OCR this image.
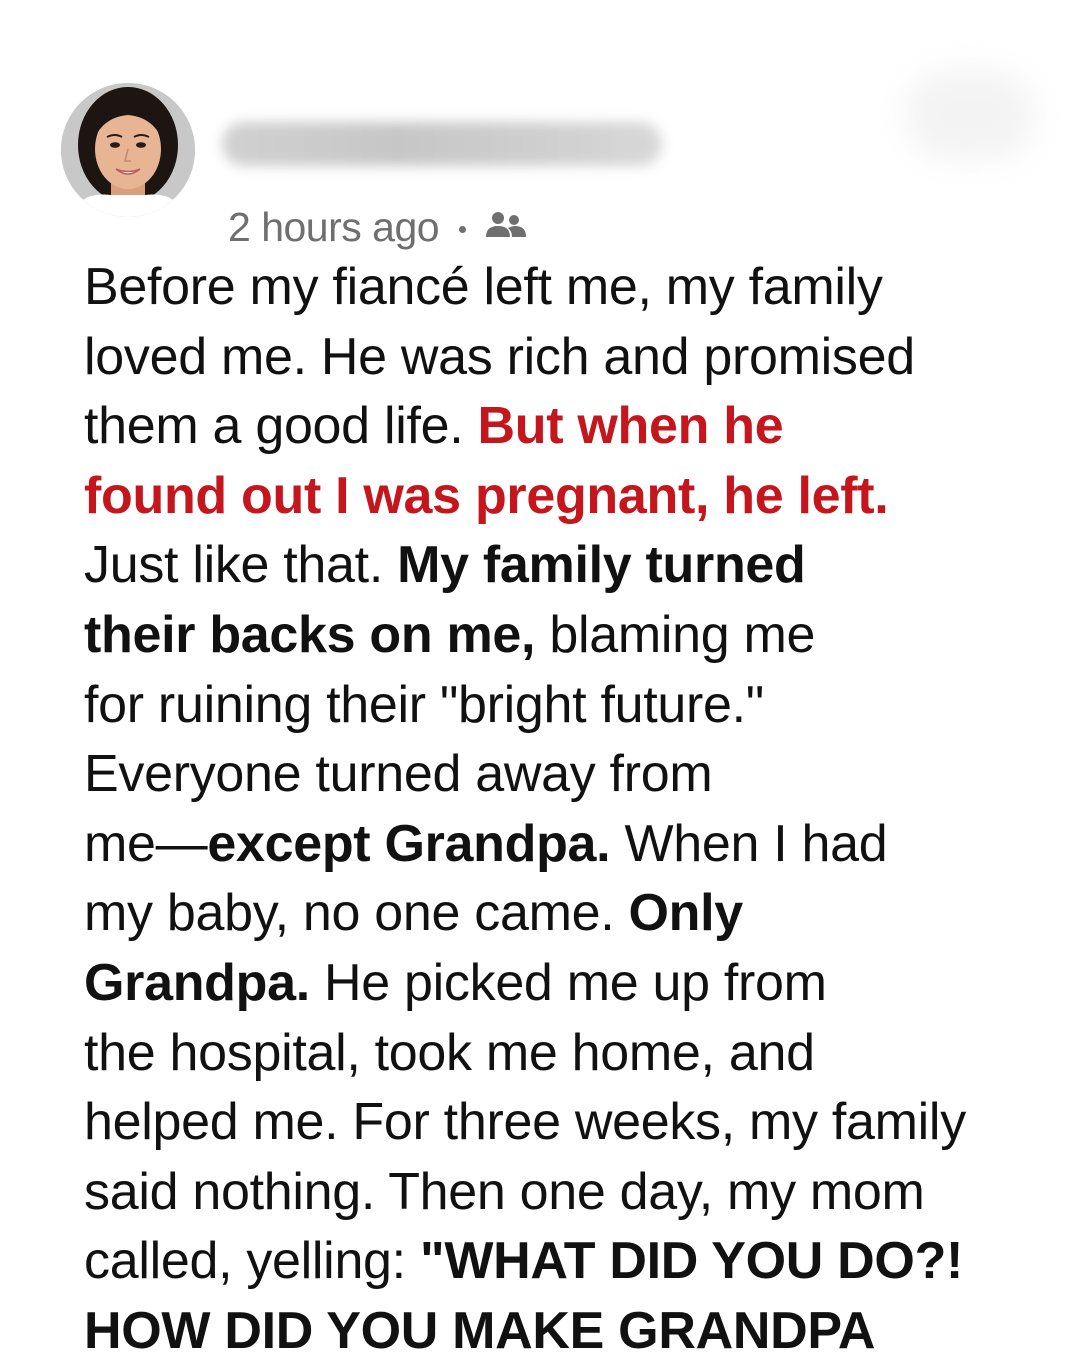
2 hours ago
Before my fiancé left me, my family
loved me. He was rich and promised
them a good life. But when he
found out I was pregnant, he left.
Just like that. My family turned
their backs on me, blaming me
for ruining their "bright future."
Everyone turned away from
me—except Grandpa. When I had
my baby, no one came. Only
Grandpa. He picked me up from
the hospital, took me home, and
helped me. For three weeks, my family
said nothing. Then one day, my mom
called, yelling: "WHAT DID YOU DO?!
HOW DID YOU MAKE GRANDPA
